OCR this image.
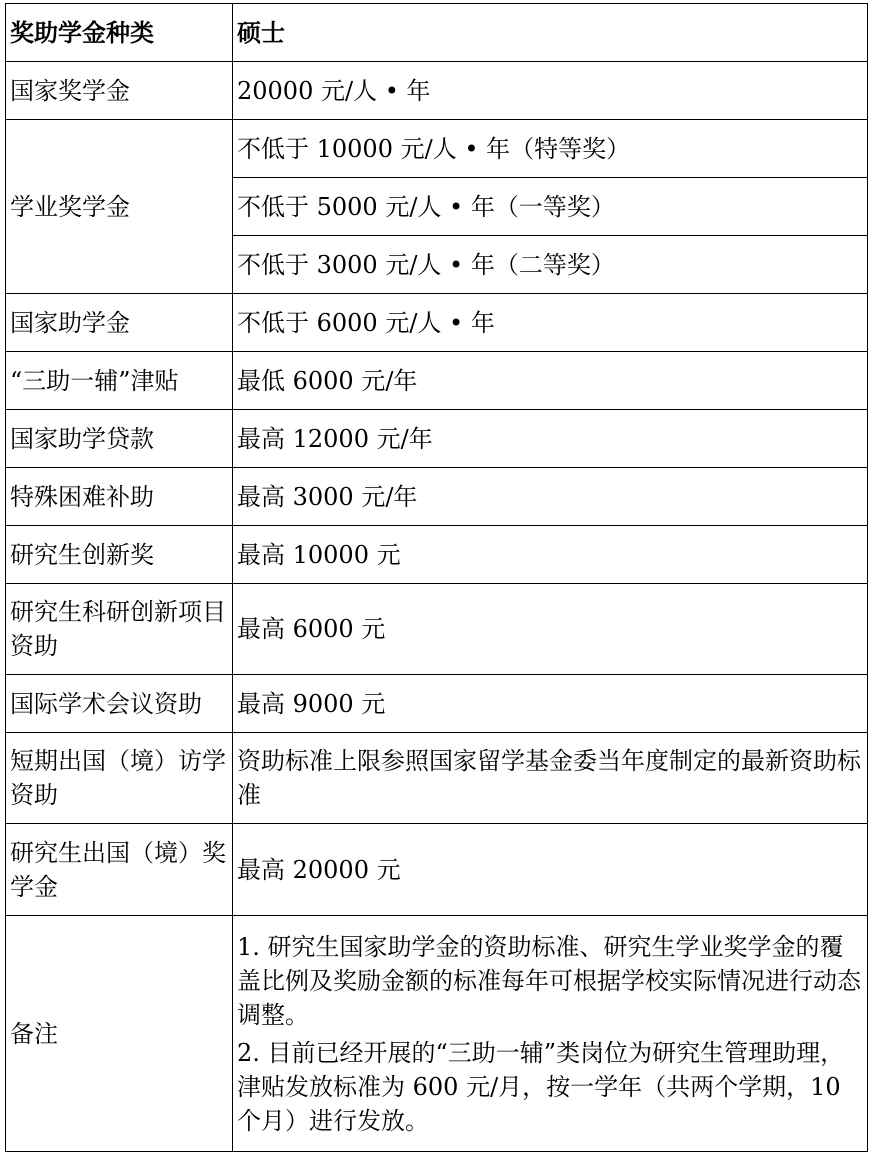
奖助学金种类	硕士
国家奖学金	20000 元/人 • 年
学业奖学金	不低于 10000 元/人 • 年（特等奖）
	不低于 5000 元/人 • 年（一等奖）
	不低于 3000 元/人 • 年（二等奖）
国家助学金	不低于 6000 元/人 • 年
“三助一辅”津贴	最低 6000 元/年
国家助学贷款	最高 12000 元/年
特殊困难补助	最高 3000 元/年
研究生创新奖	最高 10000 元
研究生科研创新项目资助	最高 6000 元
国际学术会议资助	最高 9000 元
短期出国（境）访学资助	资助标准上限参照国家留学基金委当年度制定的最新资助标准
研究生出国（境）奖学金	最高 20000 元
备注	1. 研究生国家助学金的资助标准、研究生学业奖学金的覆盖比例及奖励金额的标准每年可根据学校实际情况进行动态调整。

2. 目前已经开展的“三助一辅”类岗位为研究生管理助理，津贴发放标准为 600 元/月，按一学年（共两个学期，10 个月）进行发放。
